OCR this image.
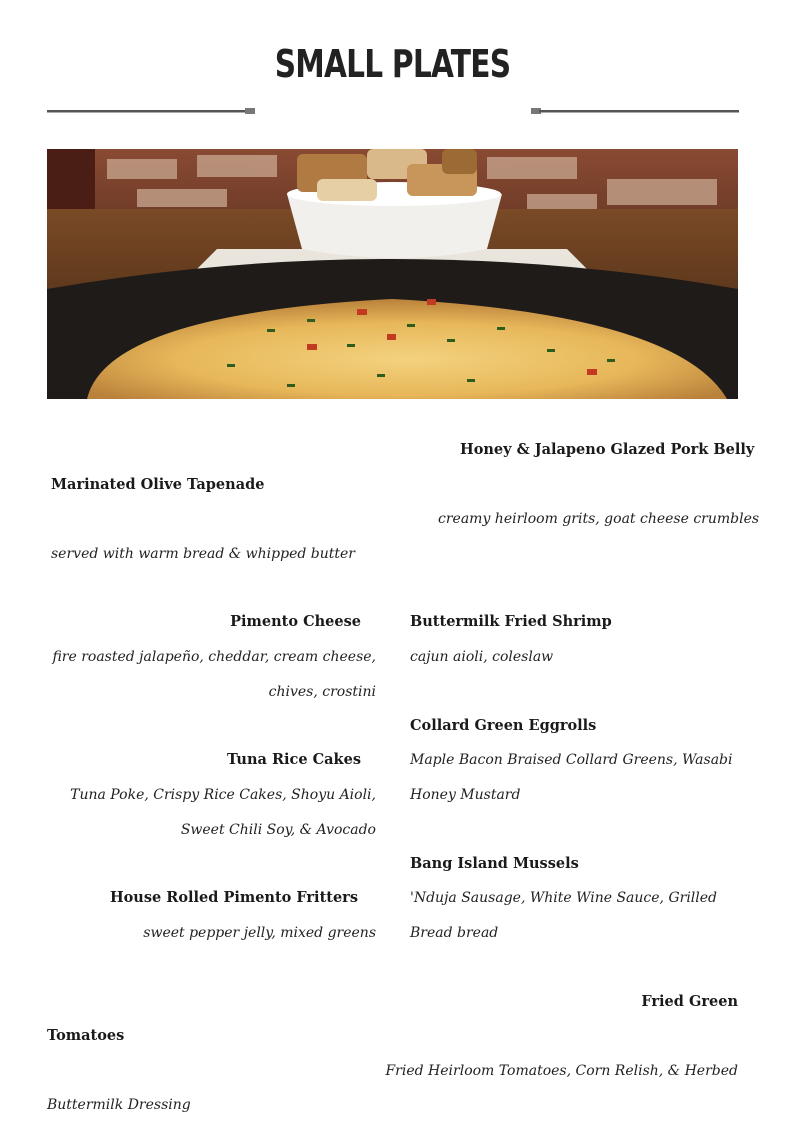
SMALL PLATES
Honey & Jalapeno Glazed Pork Belly
creamy heirloom grits, goat cheese crumbles
Marinated Olive Tapenade
served with warm bread & whipped butter
Pimento Cheese
fire roasted jalapeño, cheddar, cream cheese, chives, crostini
Buttermilk Fried Shrimp
cajun aioli, coleslaw
Collard Green Eggrolls
Maple Bacon Braised Collard Greens, Wasabi Honey Mustard
Tuna Rice Cakes
Tuna Poke, Crispy Rice Cakes, Shoyu Aioli, Sweet Chili Soy, & Avocado
Bang Island Mussels
'Nduja Sausage, White Wine Sauce, Grilled Bread bread
House Rolled Pimento Fritters
sweet pepper jelly, mixed greens
Fried Green
Tomatoes
Fried Heirloom Tomatoes, Corn Relish, & Herbed
Buttermilk Dressing
